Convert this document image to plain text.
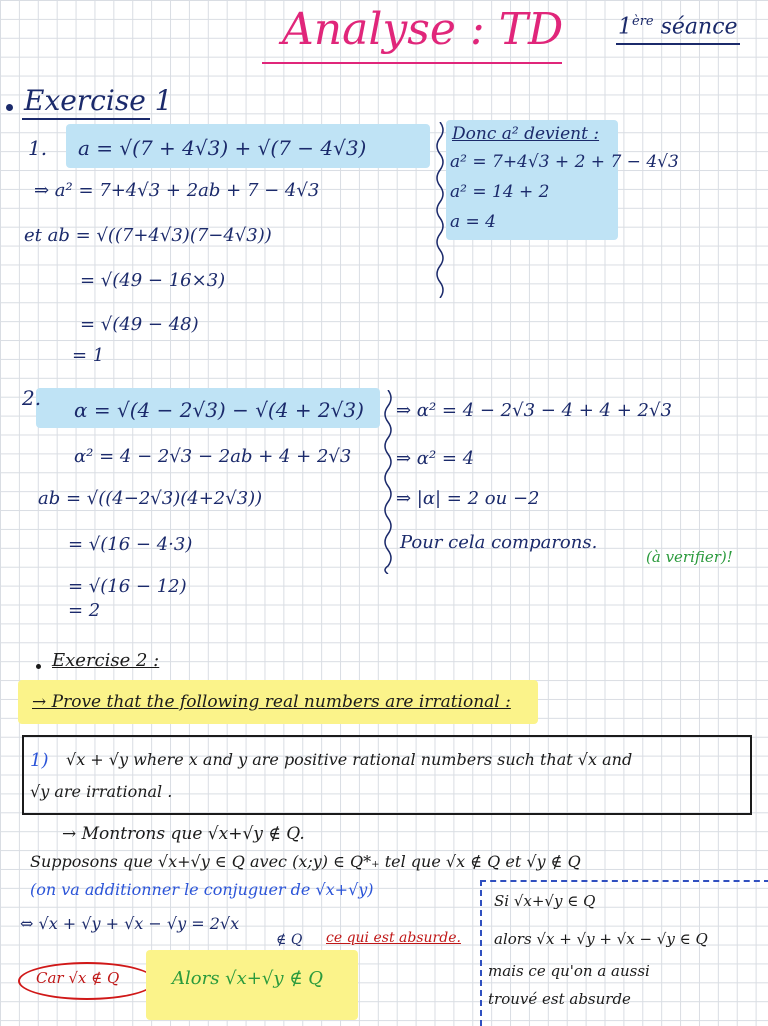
Analyse : TD 1ère séance
Exercise 1
1. a = √(7 + 4√3) + √(7 − 4√3)
⇒ a² = 7+4√3 + 2ab + 7 − 4√3
et ab = √((7+4√3)(7−4√3))
= √(49 − 16×3)
= √(49 − 48)
= 1
Donc a² devient :
a² = 7+4√3 + 2 + 7 − 4√3
a² = 14 + 2
a = 4
2. α = √(4 − 2√3) − √(4 + 2√3)
α² = 4 − 2√3 − 2ab + 4 + 2√3
ab = √((4−2√3)(4+2√3))
= √(16 − 4·3)
= √(16 − 12)
= 2
⇒ α² = 4 − 2√3 − 4 + 4 + 2√3
⇒ α² = 4
⇒ |α| = 2 ou −2
Pour cela comparons.
(à verifier)!
Exercise 2 :
→ Prove that the following real numbers are irrational :
1) √x + √y where x and y are positive rational numbers such that √x and
√y are irrational .
→ Montrons que √x+√y ∉ Q.
Supposons que √x+√y ∈ Q avec (x;y) ∈ Q*₊ tel que √x ∉ Q et √y ∉ Q
(on va additionner le conjuguer de √x+√y)
⇔ √x + √y + √x − √y = 2√x
∉ Q ce qui est absurde.
Car √x ∉ Q	Alors √x+√y ∉ Q
Si √x+√y ∈ Q
alors √x + √y + √x − √y ∈ Q
mais ce qu'on a aussi
trouvé est absurde
